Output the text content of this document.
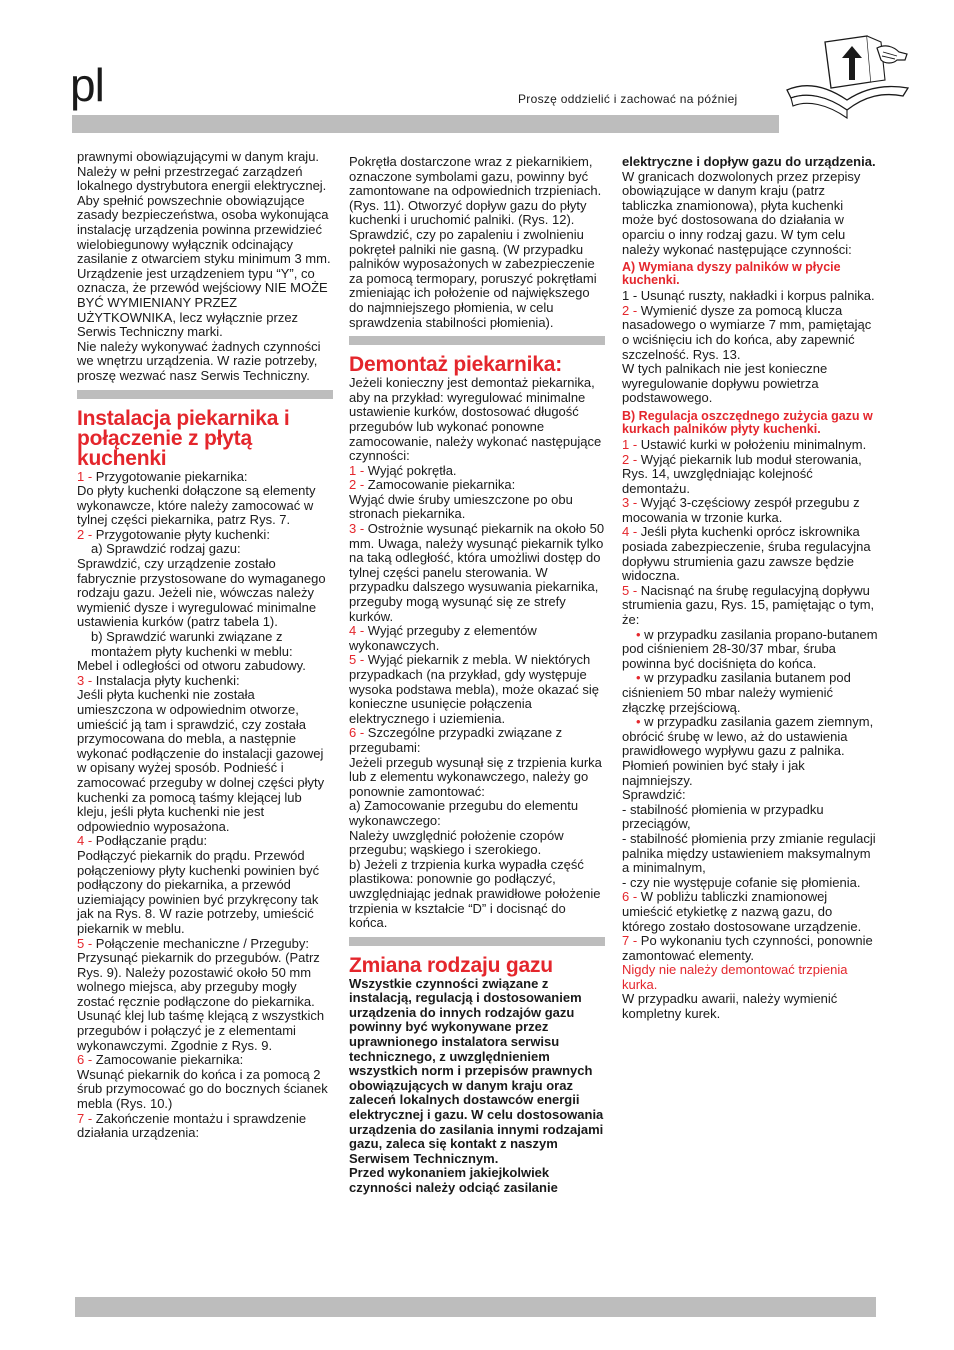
pl	Proszę oddzielić i zachować na później

prawnymi obowiązującymi w danym kraju. Należy w pełni przestrzegać zarządzeń lokalnego dystrybutora energii elektrycznej.

Aby spełnić powszechnie obowiązujące zasady bezpieczeństwa, osoba wykonująca instalację urządzenia powinna przewidzieć wielobiegunowy wyłącznik odcinający zasilanie z otwarciem styku minimum 3 mm.

Urządzenie jest urządzeniem typu “Y”, co oznacza, że przewód wejściowy NIE MOŻE BYĆ WYMIENIANY PRZEZ UŻYTKOWNIKA, lecz wyłącznie przez Serwis Techniczny marki.

Nie należy wykonywać żadnych czynności we wnętrzu urządzenia. W razie potrzeby, proszę wezwać nasz Serwis Techniczny.

Instalacja piekarnika i połączenie z płytą kuchenki

1 - Przygotowanie piekarnika:

Do płyty kuchenki dołączone są elementy wykonawcze, które należy zamocować w tylnej części piekarnika, patrz Rys. 7.

2 - Przygotowanie płyty kuchenki:

a) Sprawdzić rodzaj gazu:

Sprawdzić, czy urządzenie zostało fabrycznie przystosowane do wymaganego rodzaju gazu. Jeżeli nie, wówczas należy wymienić dysze i wyregulować minimalne ustawienia kurków (patrz tabela 1).

b) Sprawdzić warunki związane z montażem płyty kuchenki w meblu:

Mebel i odległości od otworu zabudowy.

3 - Instalacja płyty kuchenki:

Jeśli płyta kuchenki nie została umieszczona w odpowiednim otworze, umieścić ją tam i sprawdzić, czy została przymocowana do mebla, a następnie wykonać podłączenie do instalacji gazowej w opisany wyżej sposób. Podnieść i zamocować przeguby w dolnej części płyty kuchenki za pomocą taśmy klejącej lub kleju, jeśli płyta kuchenki nie jest odpowiednio wyposażona.

4 - Podłączanie prądu:

Podłączyć piekarnik do prądu. Przewód połączeniowy płyty kuchenki powinien być podłączony do piekarnika, a przewód uziemiający powinien być przykręcony tak jak na Rys. 8. W razie potrzeby, umieścić piekarnik w meblu.

5 - Połączenie mechaniczne / Przeguby:

Przysunąć piekarnik do przegubów. (Patrz Rys. 9). Należy pozostawić około 50 mm wolnego miejsca, aby przeguby mogły zostać ręcznie podłączone do piekarnika. Usunąć klej lub taśmę klejącą z wszystkich przegubów i połączyć je z elementami wykonawczymi. Zgodnie z Rys. 9.

6 - Zamocowanie piekarnika:

Wsunąć piekarnik do końca i za pomocą 2 śrub przymocować go do bocznych ścianek mebla (Rys. 10.)

7 - Zakończenie montażu i sprawdzenie działania urządzenia:

Pokrętła dostarczone wraz z piekarnikiem, oznaczone symbolami gazu, powinny być zamontowane na odpowiednich trzpieniach. (Rys. 11). Otworzyć dopływ gazu do płyty kuchenki i uruchomić palniki. (Rys. 12). Sprawdzić, czy po zapaleniu i zwolnieniu pokręteł palniki nie gasną. (W przypadku palników wyposażonych w zabezpieczenie za pomocą termopary, poruszyć pokrętłami zmieniając ich położenie od największego do najmniejszego płomienia, w celu sprawdzenia stabilności płomienia).

Demontaż piekarnika:

Jeżeli konieczny jest demontaż piekarnika, aby na przykład: wyregulować minimalne ustawienie kurków, dostosować długość przegubów lub wykonać ponowne zamocowanie, należy wykonać następujące czynności:

1 - Wyjąć pokrętła.

2 - Zamocowanie piekarnika:

Wyjąć dwie śruby umieszczone po obu stronach piekarnika.

3 - Ostrożnie wysunąć piekarnik na około 50 mm. Uwaga, należy wysunąć piekarnik tylko na taką odległość, która umożliwi dostęp do tylnej części panelu sterowania. W przypadku dalszego wysuwania piekarnika, przeguby mogą wysunąć się ze strefy kurków.

4 - Wyjąć przeguby z elementów wykonawczych.

5 - Wyjąć piekarnik z mebla. W niektórych przypadkach (na przykład, gdy występuje wysoka podstawa mebla), może okazać się konieczne usunięcie połączenia elektrycznego i uziemienia.

6 - Szczególne przypadki związane z przegubami:

Jeżeli przegub wysunął się z trzpienia kurka lub z elementu wykonawczego, należy go ponownie zamontować:

a) Zamocowanie przegubu do elementu wykonawczego:

Należy uwzględnić położenie czopów przegubu; wąskiego i szerokiego.

b) Jeżeli z trzpienia kurka wypadła część plastikowa: ponownie go podłączyć, uwzględniając jednak prawidłowe położenie trzpienia w kształcie “D” i docisnąć do końca.

Zmiana rodzaju gazu

Wszystkie czynności związane z instalacją, regulacją i dostosowaniem urządzenia do innych rodzajów gazu powinny być wykonywane przez uprawnionego instalatora serwisu technicznego, z uwzględnieniem wszystkich norm i przepisów prawnych obowiązujących w danym kraju oraz zaleceń lokalnych dostawców energii elektrycznej i gazu. W celu dostosowania urządzenia do zasilania innymi rodzajami gazu, zaleca się kontakt z naszym Serwisem Technicznym.

Przed wykonaniem jakiejkolwiek czynności należy odciąć zasilanie

elektryczne i dopływ gazu do urządzenia.

W granicach dozwolonych przez przepisy obowiązujące w danym kraju (patrz tabliczka znamionowa), płyta kuchenki może być dostosowana do działania w oparciu o inny rodzaj gazu. W tym celu należy wykonać następujące czynności:

A) Wymiana dyszy palników w płycie kuchenki.

1 - Usunąć ruszty, nakładki i korpus palnika.

2 - Wymienić dysze za pomocą klucza nasadowego o wymiarze 7 mm, pamiętając o wciśnięciu ich do końca, aby zapewnić szczelność. Rys. 13.

W tych palnikach nie jest konieczne wyregulowanie dopływu powietrza podstawowego.

B) Regulacja oszczędnego zużycia gazu w kurkach palników płyty kuchenki.

1 - Ustawić kurki w położeniu minimalnym.

2 - Wyjąć piekarnik lub moduł sterowania, Rys. 14, uwzględniając kolejność demontażu.

3 - Wyjąć 3-częściowy zespół przegubu z mocowania w trzonie kurka.

4 - Jeśli płyta kuchenki oprócz iskrownika posiada zabezpieczenie, śruba regulacyjna dopływu strumienia gazu zawsze będzie widoczna.

5 - Nacisnąć na śrubę regulacyjną dopływu strumienia gazu, Rys. 15, pamiętając o tym, że:

• w przypadku zasilania propano-butanem pod ciśnieniem 28-30/37 mbar, śruba powinna być dociśnięta do końca.

• w przypadku zasilania butanem pod ciśnieniem 50 mbar należy wymienić złączkę przejściową.

• w przypadku zasilania gazem ziemnym, obrócić śrubę w lewo, aż do ustawienia prawidłowego wypływu gazu z palnika. Płomień powinien być stały i jak najmniejszy.

Sprawdzić:

- stabilność płomienia w przypadku przeciągów,

- stabilność płomienia przy zmianie regulacji palnika między ustawieniem maksymalnym a minimalnym,

- czy nie występuje cofanie się płomienia.

6 - W pobliżu tabliczki znamionowej umieścić etykietkę z nazwą gazu, do którego zostało dostosowane urządzenie.

7 - Po wykonaniu tych czynności, ponownie zamontować elementy.

Nigdy nie należy demontować trzpienia kurka.

W przypadku awarii, należy wymienić kompletny kurek.
